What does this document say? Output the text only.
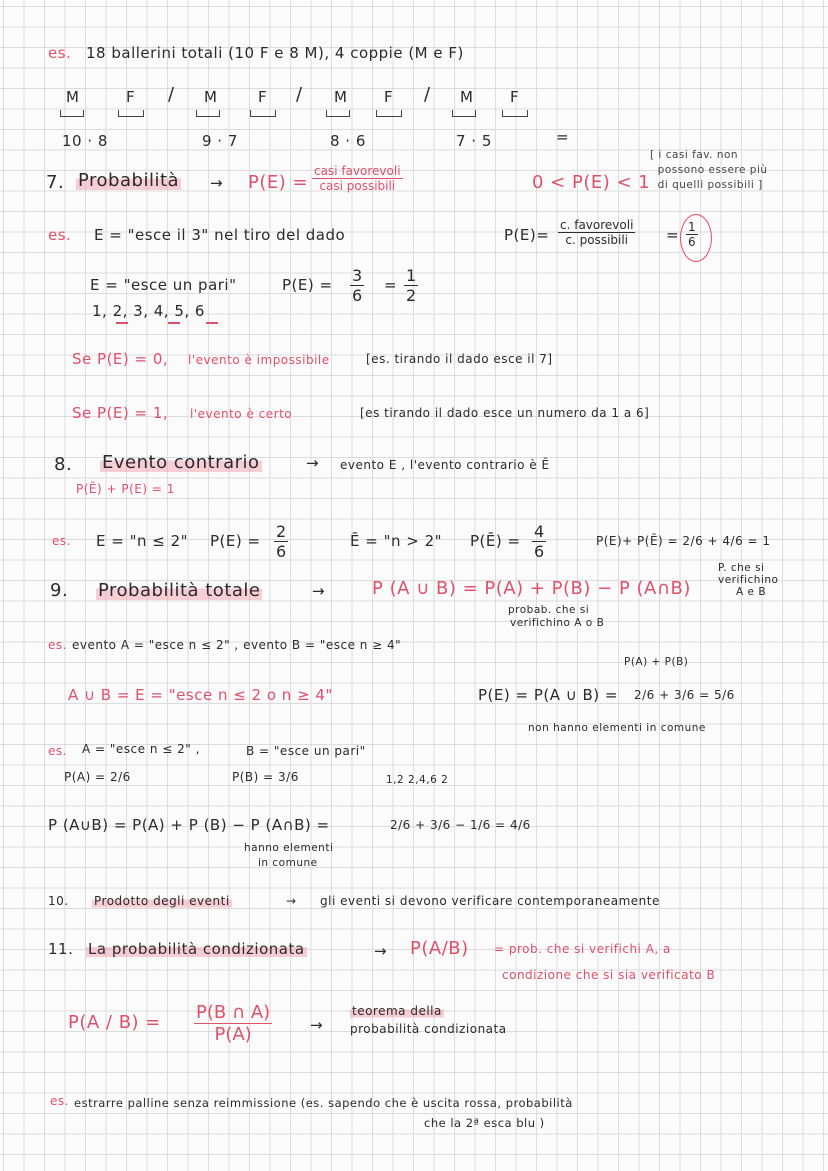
es. 18 ballerini totali (10 F e 8 M), 4 coppie (M e F)
M	F / M	F / M F / M F
10 · 8	9 · 7	8 · 6	7 · 5	=
7. Probabilità → P(E) =
casi favorevoli
casi possibili	0 < P(E) < 1
[ i casi fav. non
possono essere più
di quelli possibili ]
es. E = "esce il 3" nel tiro del dado	P(E)=
c. favorevoli
c. possibili	= $\frac{1}{6}$
E = "esce un pari"
1, 2, 3, 4, 5, 6
$P(E) = \frac{3}{6} = \frac{1}{2}$
Se P(E) = 0, l'evento è impossibile	[es. tirando il dado esce il 7]
Se P(E) = 1, l'evento è certo	[es tirando il dado esce un numero da 1 a 6]
8. Evento contrario	→ evento E , l'evento contrario è Ē
P(Ē) + P(E) = 1
es. E = "n ≤ 2" $P(E) = \frac{2}{6}$	Ē = "n > 2" P(Ē) = $\frac{4}{6}$	P(E)+ P(Ē) = 2/6 + 4/6 = 1
9. Probabilità totale	→	P (A ∪ B) = P(A) + P(B) − P (A∩B)
P. che si
verifichino
A e B
probab. che si
verifichino A o B
es. evento A = "esce n ≤ 2" , evento B = "esce n ≥ 4"
P(A) + P(B)
A ∪ B = E = "esce n ≤ 2 o n ≥ 4"	P(E) = P(A ∪ B) = 2/6 + 3/6 = 5/6
non hanno elementi in comune
es. A = "esce n ≤ 2" ,	B = "esce un pari"
P(A) = 2/6	P(B) = 3/6	1,2 2,4,6 2
P (A∪B) = P(A) + P (B) − P (A∩B) =	2/6 + 3/6 − 1/6 = 4/6
hanno elementi
in comune
10. Prodotto degli eventi	→ gli eventi si devono verificare contemporaneamente
11. La probabilità condizionata	→ P(A/B) = prob. che si verifichi A, a
condizione che si sia verificato B
$P(A / B) = \frac{P(B \cap A)}{P(A)}$	→
teorema della
probabilità condizionata
es. estrarre palline senza reimmissione (es. sapendo che è uscita rossa, probabilità
che la 2ª esca blu )
